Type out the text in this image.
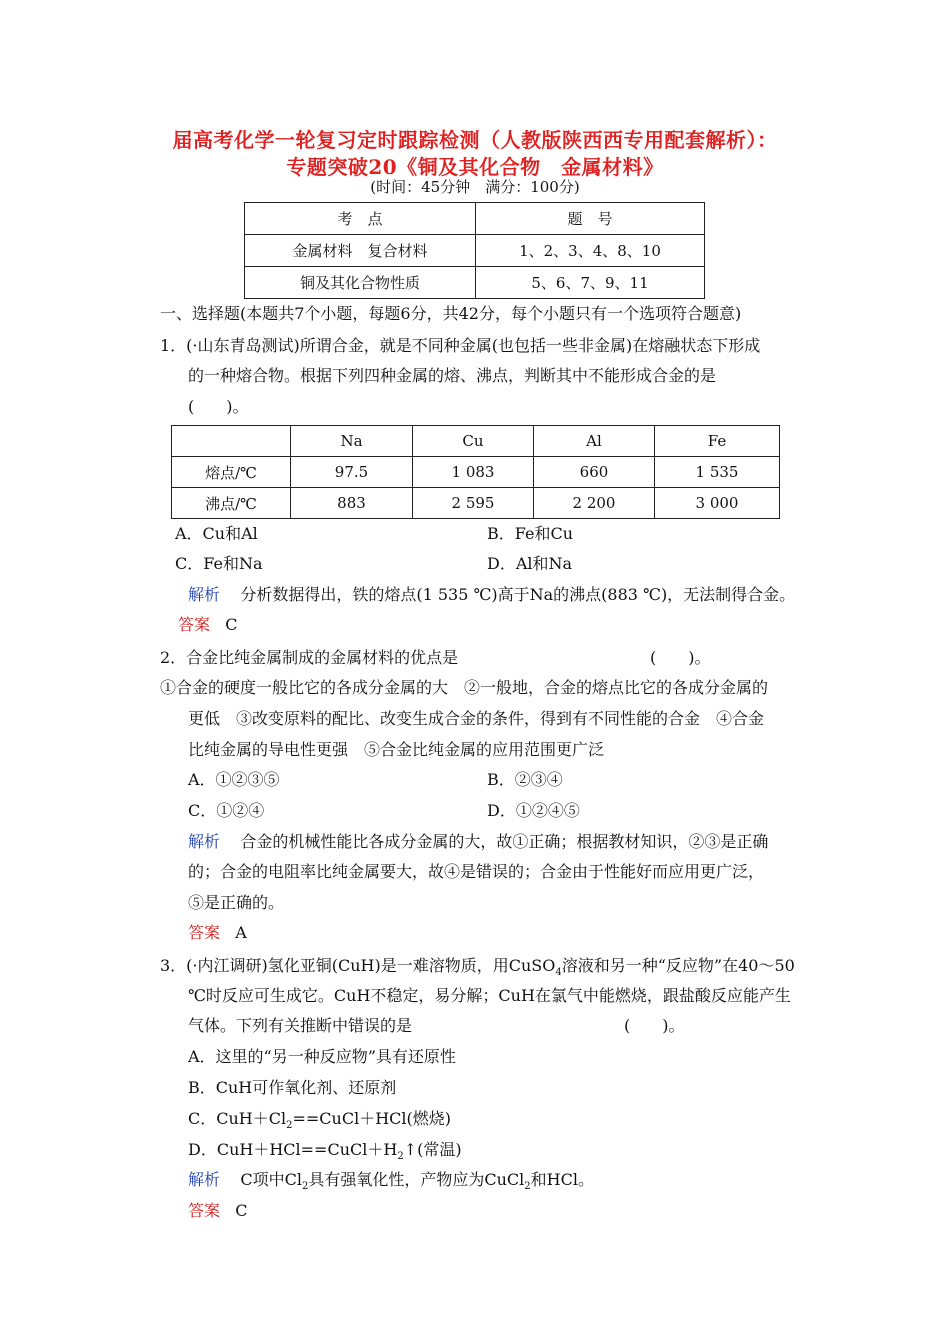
届高考化学一轮复习定时跟踪检测（人教版陕西西专用配套解析）：
专题突破20《铜及其化合物　金属材料》
(时间：45分钟　满分：100分)
考　点	题　号
金属材料　复合材料	1、2、3、4、8、10
铜及其化合物性质	5、6、7、9、11
一、选择题(本题共7个小题，每题6分，共42分，每个小题只有一个选项符合题意)
1．(·山东青岛测试)所谓合金，就是不同种金属(也包括一些非金属)在熔融状态下形成
的一种熔合物。根据下列四种金属的熔、沸点，判断其中不能形成合金的是
(　　)。
	Na	Cu	Al	Fe
熔点/℃	97.5	1 083	660	1 535
沸点/℃	883	2 595	2 200	3 000
A．Cu和Al	B．Fe和Cu
C．Fe和Na	D．Al和Na
解析 分析数据得出，铁的熔点(1 535 ℃)高于Na的沸点(883 ℃)，无法制得合金。
答案 C
2．合金比纯金属制成的金属材料的优点是	(　　)。
①合金的硬度一般比它的各成分金属的大　②一般地，合金的熔点比它的各成分金属的
更低　③改变原料的配比、改变生成合金的条件，得到有不同性能的合金　④合金
比纯金属的导电性更强　⑤合金比纯金属的应用范围更广泛
A．①②③⑤	B．②③④
C．①②④	D．①②④⑤
解析 合金的机械性能比各成分金属的大，故①正确；根据教材知识，②③是正确
的；合金的电阻率比纯金属要大，故④是错误的；合金由于性能好而应用更广泛，
⑤是正确的。
答案 A
3．(·内江调研)氢化亚铜(CuH)是一难溶物质，用CuSO$_4$溶液和另一种“反应物”在40～50
℃时反应可生成它。CuH不稳定，易分解；CuH在氯气中能燃烧，跟盐酸反应能产生
气体。下列有关推断中错误的是	(　　)。
A．这里的“另一种反应物”具有还原性
B．CuH可作氧化剂、还原剂
C．$CuH+Cl_2==CuCl+HCl$(燃烧)
D．$CuH+HCl==CuCl+H_2↑$(常温)
解析 C项中$Cl_2$具有强氧化性，产物应为CuCl$_2$和HCl。
答案 C
